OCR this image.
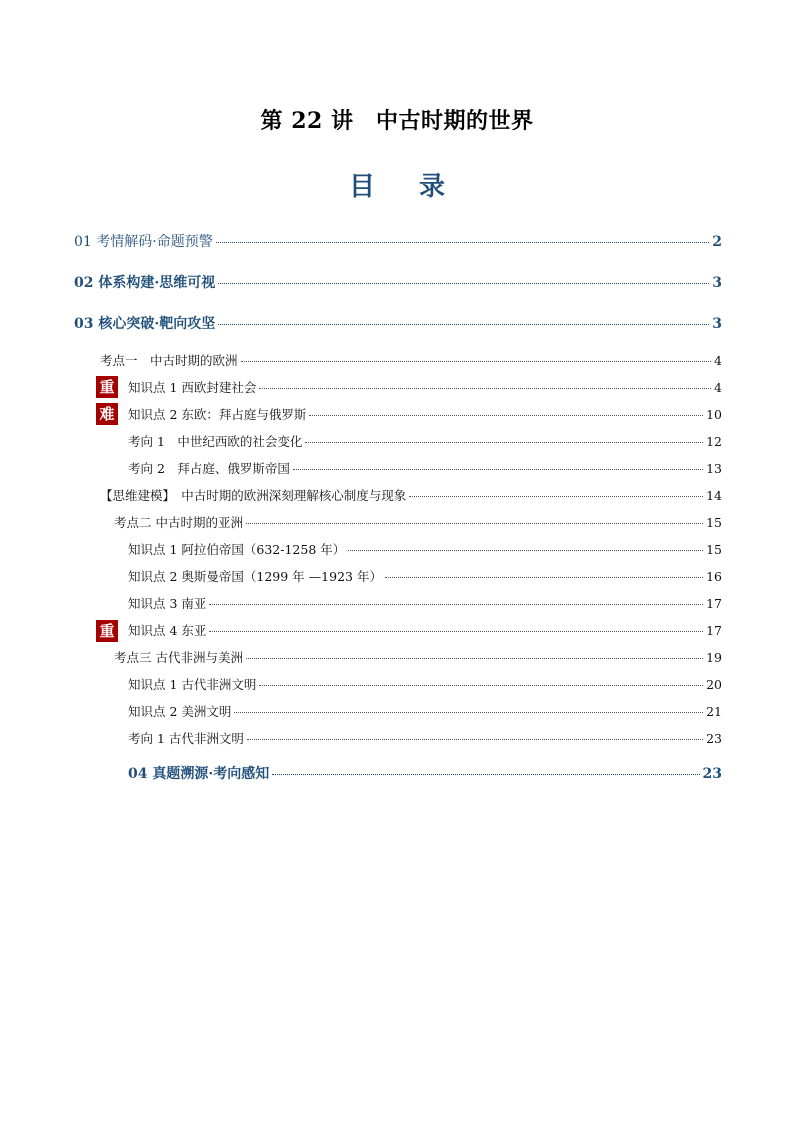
第 22 讲　中古时期的世界
目 录
01 考情解码·命题预警	2
02 体系构建·思维可视	3
03 核心突破·靶向攻坚	3
重
难
重
考点一　中古时期的欧洲	4
知识点 1 西欧封建社会	4
知识点 2 东欧：拜占庭与俄罗斯	10
考向 1　中世纪西欧的社会变化	12
考向 2　拜占庭、俄罗斯帝国	13
【思维建模】　中古时期的欧洲深刻理解核心制度与现象	14
考点二 中古时期的亚洲	15
知识点 1 阿拉伯帝国（632-1258 年）	15
知识点 2 奥斯曼帝国（1299 年 —1923 年）	16
知识点 3 南亚	17
知识点 4 东亚	17
考点三 古代非洲与美洲	19
知识点 1 古代非洲文明	20
知识点 2 美洲文明	21
考向 1 古代非洲文明	23
04 真题溯源·考向感知	23
